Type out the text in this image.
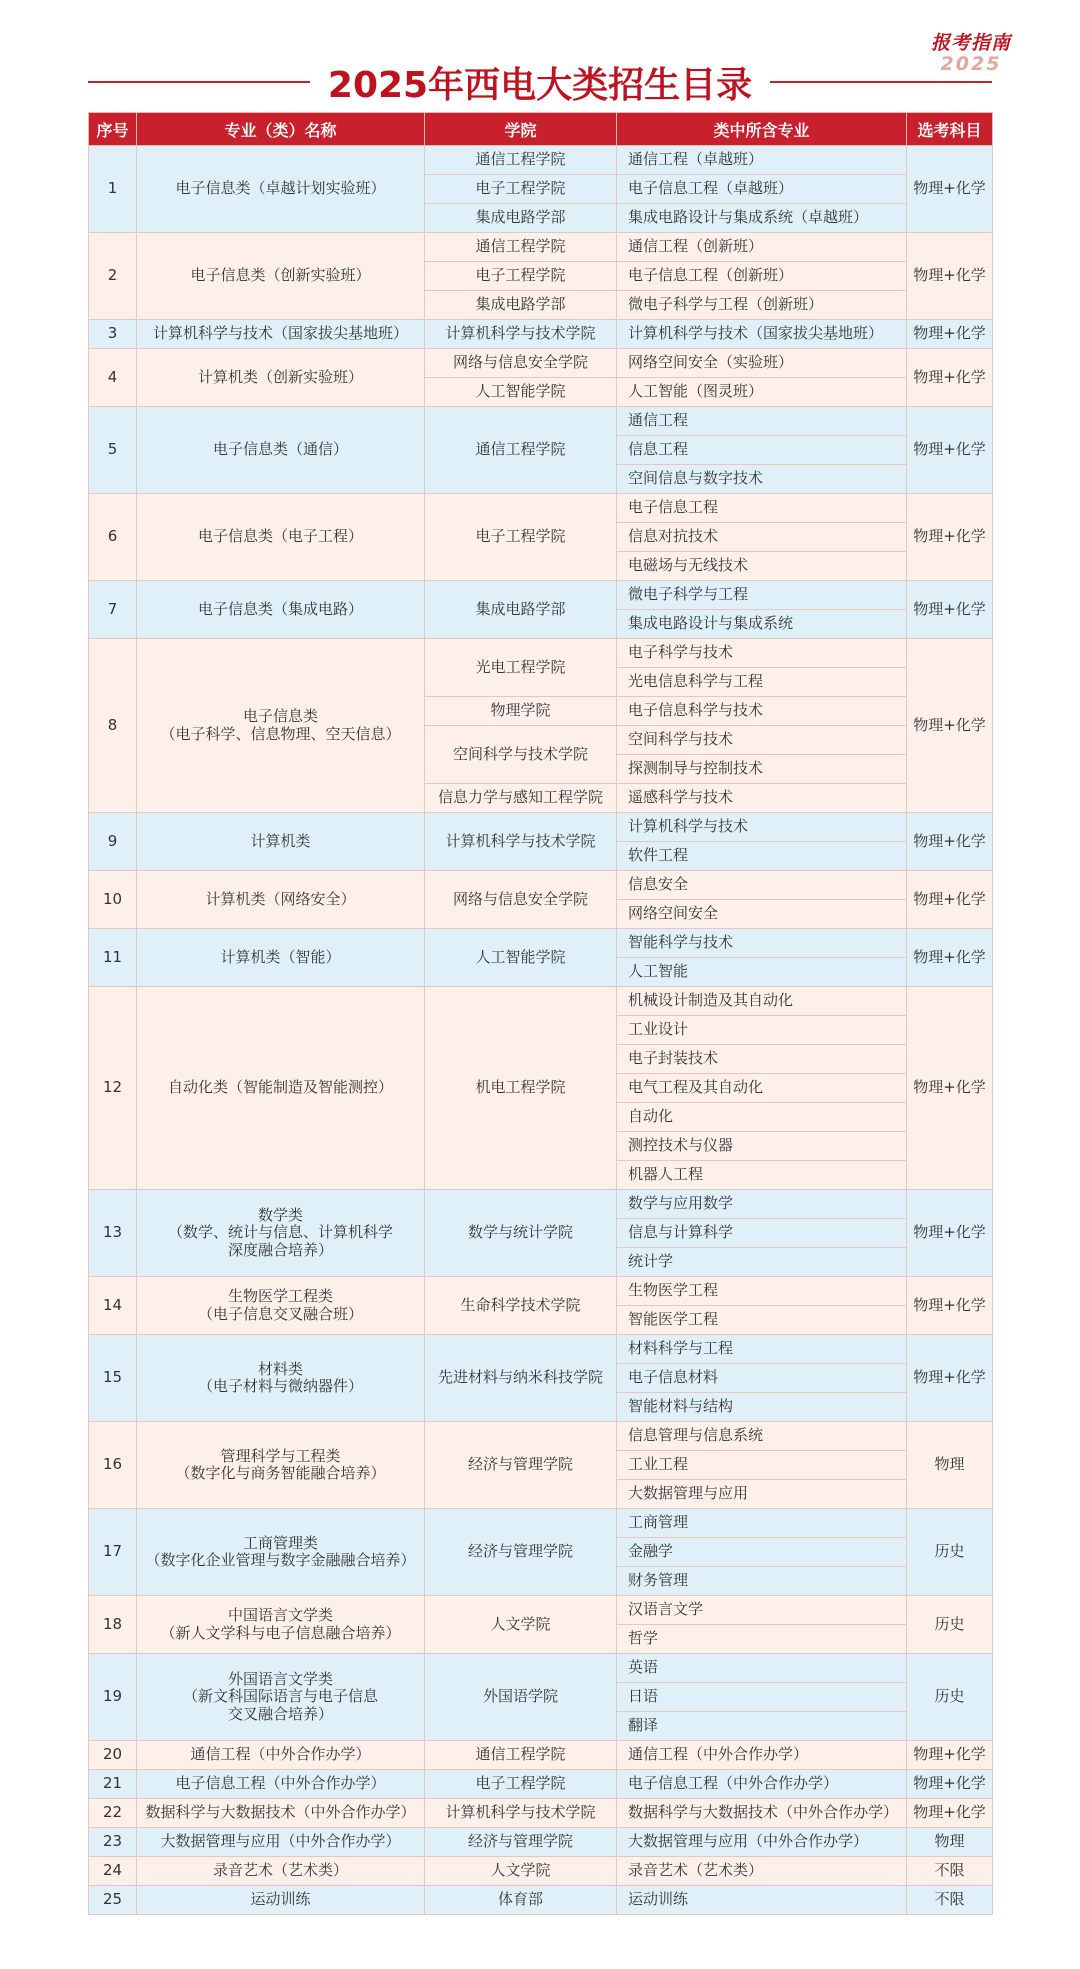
报考指南
2025
2025年西电大类招生目录
序号	专业（类）名称	学院	类中所含专业	选考科目
1	电子信息类（卓越计划实验班）	通信工程学院	通信工程（卓越班）	物理+化学
		电子工程学院	电子信息工程（卓越班）	
		集成电路学部	集成电路设计与集成系统（卓越班）	
2	电子信息类（创新实验班）	通信工程学院	通信工程（创新班）	物理+化学
		电子工程学院	电子信息工程（创新班）	
		集成电路学部	微电子科学与工程（创新班）	
3	计算机科学与技术（国家拔尖基地班）	计算机科学与技术学院	计算机科学与技术（国家拔尖基地班）	物理+化学
4	计算机类（创新实验班）	网络与信息安全学院	网络空间安全（实验班）	物理+化学
		人工智能学院	人工智能（图灵班）	
5	电子信息类（通信）	通信工程学院	通信工程	物理+化学
			信息工程	
			空间信息与数字技术	
6	电子信息类（电子工程）	电子工程学院	电子信息工程	物理+化学
			信息对抗技术	
			电磁场与无线技术	
7	电子信息类（集成电路）	集成电路学部	微电子科学与工程	物理+化学
			集成电路设计与集成系统	
8	电子信息类
（电子科学、信息物理、空天信息）	光电工程学院	电子科学与技术	物理+化学
			光电信息科学与工程	
		物理学院	电子信息科学与技术	
		空间科学与技术学院	空间科学与技术	
			探测制导与控制技术	
		信息力学与感知工程学院	遥感科学与技术	
9	计算机类	计算机科学与技术学院	计算机科学与技术	物理+化学
			软件工程	
10	计算机类（网络安全）	网络与信息安全学院	信息安全	物理+化学
			网络空间安全	
11	计算机类（智能）	人工智能学院	智能科学与技术	物理+化学
			人工智能	
12	自动化类（智能制造及智能测控）	机电工程学院	机械设计制造及其自动化	物理+化学
			工业设计	
			电子封装技术	
			电气工程及其自动化	
			自动化	
			测控技术与仪器	
			机器人工程	
13	数学类
（数学、统计与信息、计算机科学
深度融合培养）	数学与统计学院	数学与应用数学	物理+化学
			信息与计算科学	
			统计学	
14	生物医学工程类
（电子信息交叉融合班）	生命科学技术学院	生物医学工程	物理+化学
			智能医学工程	
15	材料类
（电子材料与微纳器件）	先进材料与纳米科技学院	材料科学与工程	物理+化学
			电子信息材料	
			智能材料与结构	
16	管理科学与工程类
（数字化与商务智能融合培养）	经济与管理学院	信息管理与信息系统	物理
			工业工程	
			大数据管理与应用	
17	工商管理类
（数字化企业管理与数字金融融合培养）	经济与管理学院	工商管理	历史
			金融学	
			财务管理	
18	中国语言文学类
（新人文学科与电子信息融合培养）	人文学院	汉语言文学	历史
			哲学	
19	外国语言文学类
（新文科国际语言与电子信息
交叉融合培养）	外国语学院	英语	历史
			日语	
			翻译	
20	通信工程（中外合作办学）	通信工程学院	通信工程（中外合作办学）	物理+化学
21	电子信息工程（中外合作办学）	电子工程学院	电子信息工程（中外合作办学）	物理+化学
22	数据科学与大数据技术（中外合作办学）	计算机科学与技术学院	数据科学与大数据技术（中外合作办学）	物理+化学
23	大数据管理与应用（中外合作办学）	经济与管理学院	大数据管理与应用（中外合作办学）	物理
24	录音艺术（艺术类）	人文学院	录音艺术（艺术类）	不限
25	运动训练	体育部	运动训练	不限
